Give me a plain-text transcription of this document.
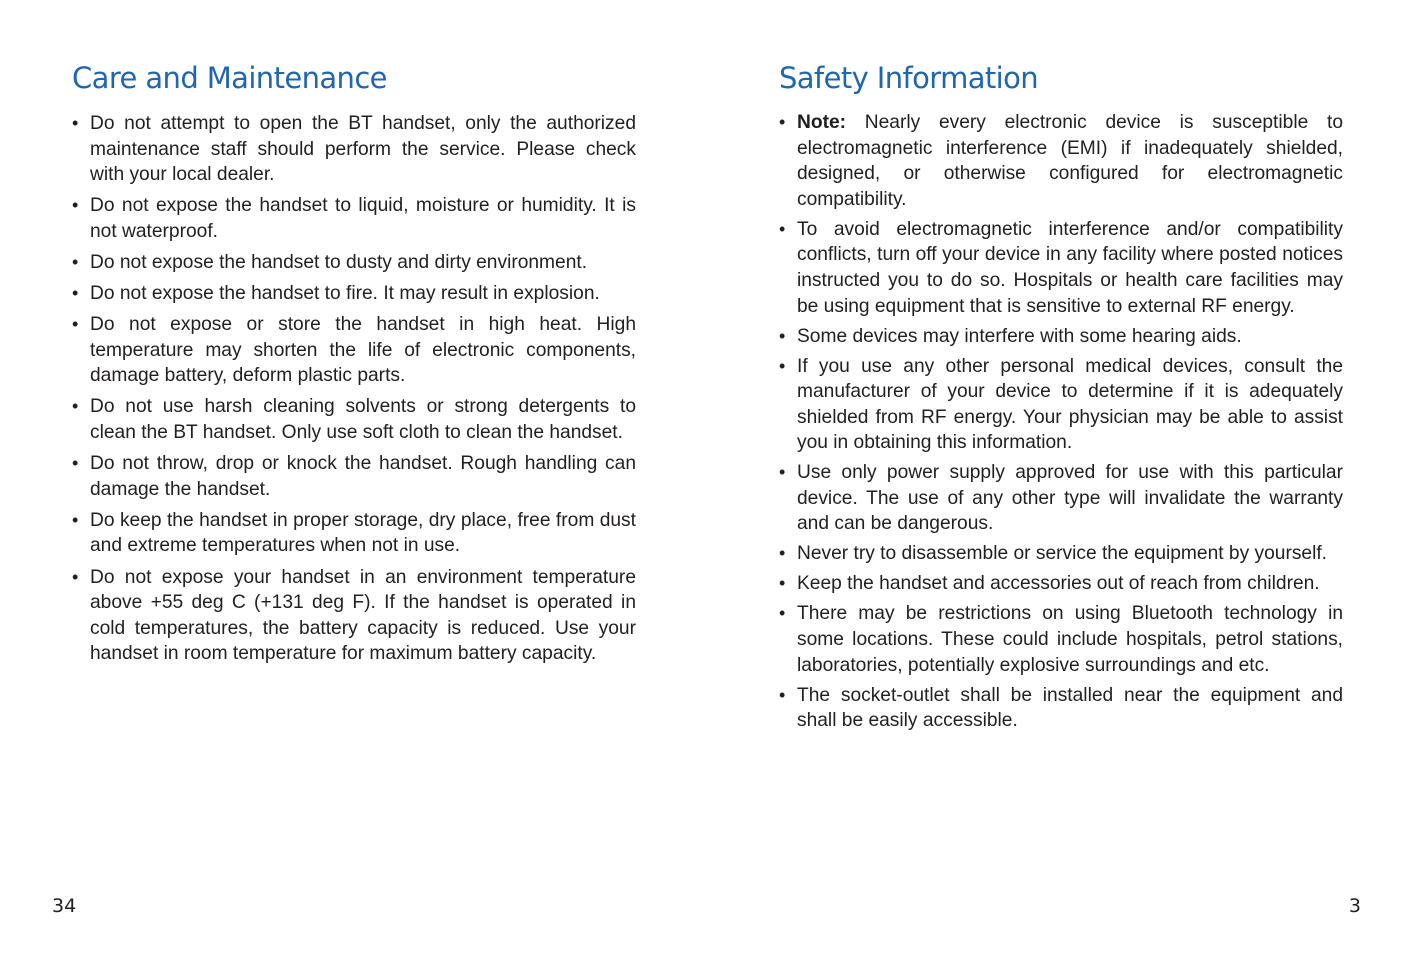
Care and Maintenance
• Do not attempt to open the BT handset, only the authorized maintenance staff should perform the service. Please check with your local dealer.
• Do not expose the handset to liquid, moisture or humidity. It is not waterproof.
• Do not expose the handset to dusty and dirty environment.
• Do not expose the handset to fire. It may result in explosion.
• Do not expose or store the handset in high heat. High temperature may shorten the life of electronic components, damage battery, deform plastic parts.
• Do not use harsh cleaning solvents or strong detergents to clean the BT handset. Only use soft cloth to clean the handset.
• Do not throw, drop or knock the handset. Rough handling can damage the handset.
• Do keep the handset in proper storage, dry place, free from dust and extreme temperatures when not in use.
• Do not expose your handset in an environment temperature above +55 deg C (+131 deg F). If the handset is operated in cold temperatures, the battery capacity is reduced. Use your handset in room temperature for maximum battery capacity.
34
Safety Information
• Note: Nearly every electronic device is susceptible to electromagnetic interference (EMI) if inadequately shielded, designed, or otherwise configured for electromagnetic compatibility.
• To avoid electromagnetic interference and/or compatibility conflicts, turn off your device in any facility where posted notices instructed you to do so. Hospitals or health care facilities may be using equipment that is sensitive to external RF energy.
• Some devices may interfere with some hearing aids.
• If you use any other personal medical devices, consult the manufacturer of your device to determine if it is adequately shielded from RF energy. Your physician may be able to assist you in obtaining this information.
• Use only power supply approved for use with this particular device. The use of any other type will invalidate the warranty and can be dangerous.
• Never try to disassemble or service the equipment by yourself.
• Keep the handset and accessories out of reach from children.
• There may be restrictions on using Bluetooth technology in some locations. These could include hospitals, petrol stations, laboratories, potentially explosive surroundings and etc.
• The socket-outlet shall be installed near the equipment and shall be easily accessible.
3
